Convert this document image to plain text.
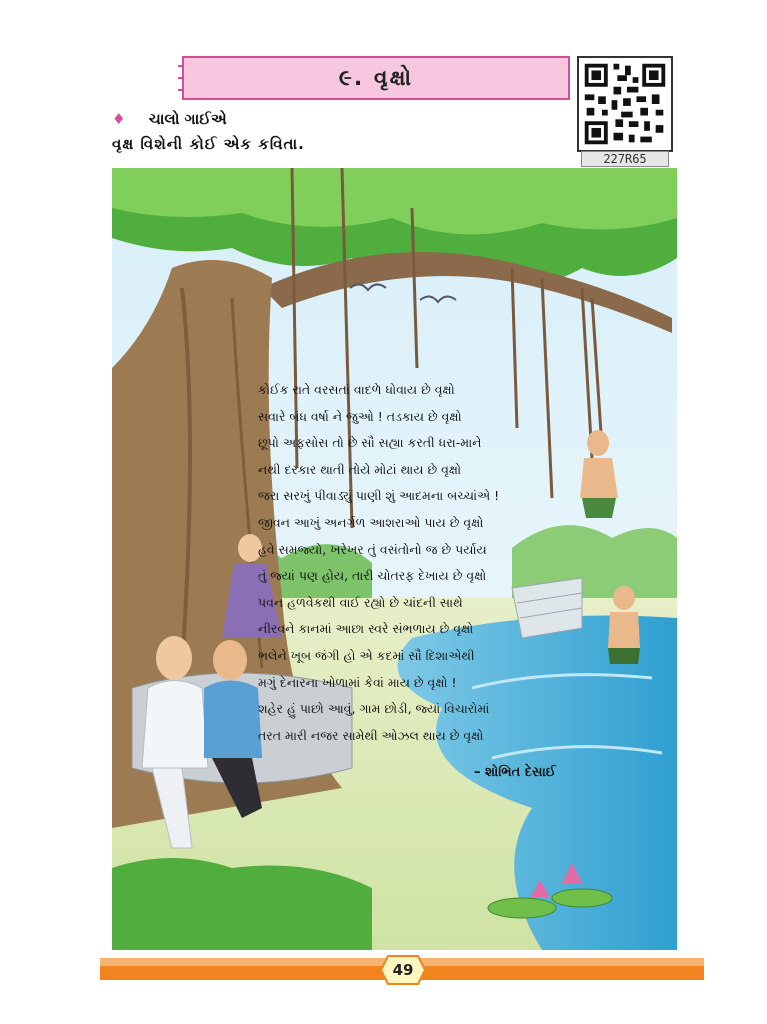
૯. વૃક્ષો
227R65
♦ ચાલો ગાઈએ
વૃક્ષ વિશેની કોઈ એક કવિતા.
કોઈક રાતે વરસતાં વાદળે ધોવાય છે વૃક્ષો
સવારે બંધ વર્ષા ને જુઓ ! તડકાય છે વૃક્ષો
છૂપો અફસોસ તો છે સૌ સહ્યા કરતી ધરા-માને
નથી દરકાર થાતી તોયે મોટાં થાય છે વૃક્ષો
જરા સરખું પીવાડ્યું પાણી શું આદમના બચ્ચાંએ !
જીવન આખું અનર્ગળ આશરાઓ પાય છે વૃક્ષો
હવે સમજ્યો, ખરેખર તું વસંતોનો જ છે પર્યાય
તું જ્યાં પણ હોય, તારી ચોતરફ દેખાય છે વૃક્ષો
પવન હળવેકથી વાઈ રહ્યો છે ચાંદની સાથે
નીરવને કાનમાં આછા સ્વરે સંભળાય છે વૃક્ષો
ભલેને ખૂબ જંગી હો એ કદમાં સૌ દિશાએથી
મગું દેનારના ખોળામાં કેવાં માય છે વૃક્ષો !
શહેર હું પાછો આવું, ગામ છોડી, જ્યાં વિચારોમાં
તરત મારી નજર સામેથી ઓઝલ થાય છે વૃક્ષો
– શોભિત દેસાઈ
49
